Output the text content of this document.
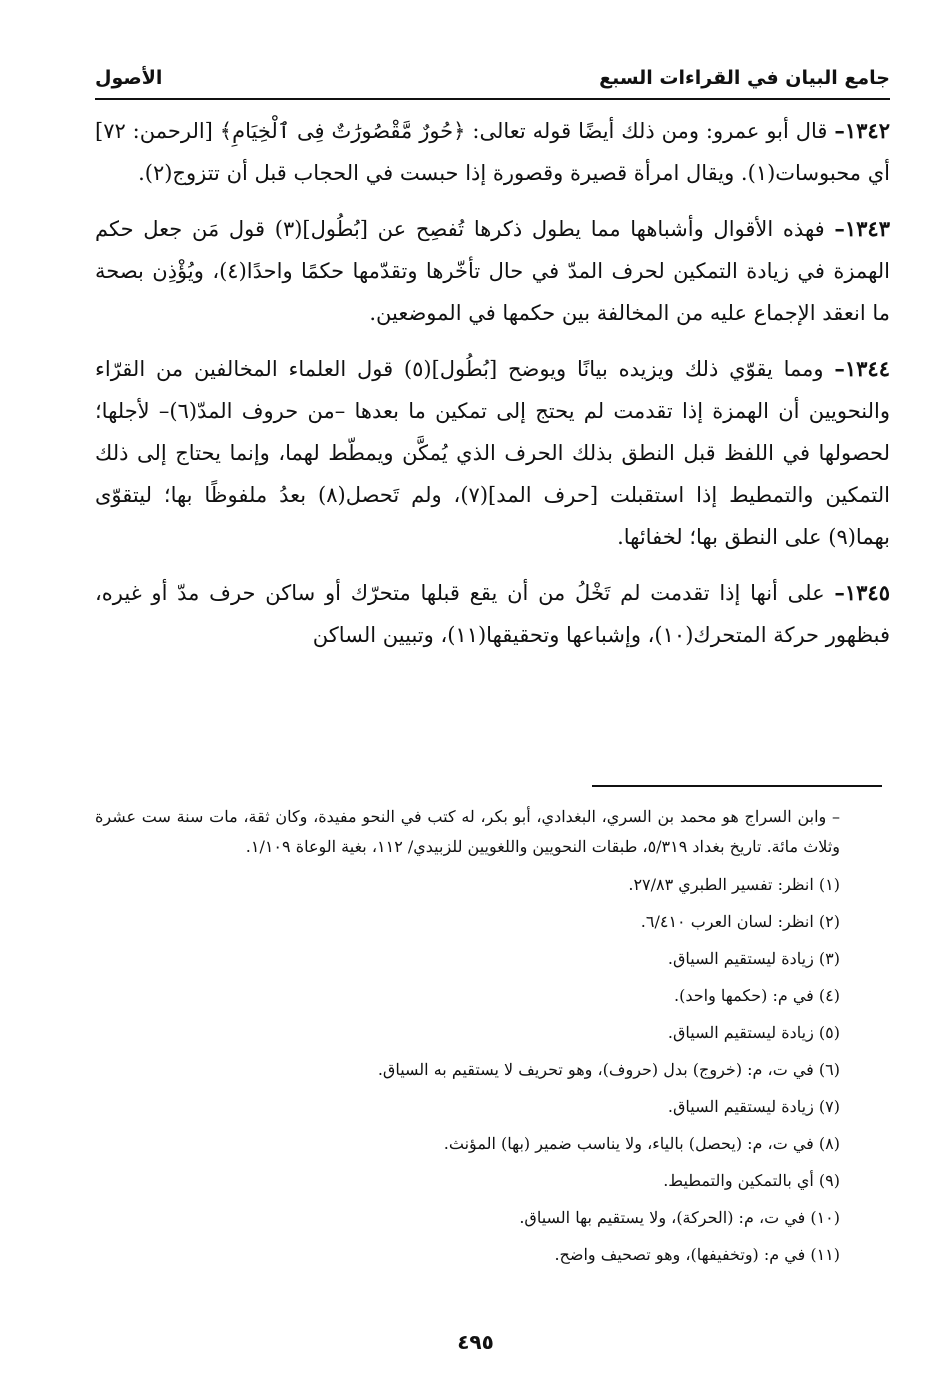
جامع البيان في القراءات السبع
الأصول

١٣٤٢– قال أبو عمرو: ومن ذلك أيضًا قوله تعالى: ﴿حُورٌ مَّقْصُورَٰتٌ فِى ٱلْخِيَامِ﴾ [الرحمن: ٧٢] أي محبوسات(١). ويقال امرأة قصيرة وقصورة إذا حبست في الحجاب قبل أن تتزوج(٢).

١٣٤٣– فهذه الأقوال وأشباهها مما يطول ذكرها تُفصِح عن [بُطُول](٣) قول مَن جعل حكم الهمزة في زيادة التمكين لحرف المدّ في حال تأخّرها وتقدّمها حكمًا واحدًا(٤)، ويُؤْذِن بصحة ما انعقد الإجماع عليه من المخالفة بين حكمها في الموضعين.

١٣٤٤– ومما يقوّي ذلك ويزيده بيانًا ويوضح [بُطُول](٥) قول العلماء المخالفين من القرّاء والنحويين أن الهمزة إذا تقدمت لم يحتج إلى تمكين ما بعدها –من حروف المدّ(٦)– لأجلها؛ لحصولها في اللفظ قبل النطق بذلك الحرف الذي يُمكَّن ويمطّط لهما، وإنما يحتاج إلى ذلك التمكين والتمطيط إذا استقبلت [حرف المد](٧)، ولم تَحصل(٨) بعدُ ملفوظًا بها؛ ليتقوّى بهما(٩) على النطق بها؛ لخفائها.

١٣٤٥– على أنها إذا تقدمت لم تَخْلُ من أن يقع قبلها متحرّك أو ساكن حرف مدّ أو غيره، فبظهور حركة المتحرك(١٠)، وإشباعها وتحقيقها(١١)، وتبيين الساكن

– وابن السراج هو محمد بن السري، البغدادي، أبو بكر، له كتب في النحو مفيدة، وكان ثقة، مات سنة ست عشرة وثلاث مائة. تاريخ بغداد ٥/٣١٩، طبقات النحويين واللغويين للزبيدي/ ١١٢، بغية الوعاة ١/١٠٩.

(١) انظر: تفسير الطبري ٢٧/٨٣.

(٢) انظر: لسان العرب ٦/٤١٠.

(٣) زيادة ليستقيم السياق.

(٤) في م: (حكمها واحد).

(٥) زيادة ليستقيم السياق.

(٦) في ت، م: (خروج) بدل (حروف)، وهو تحريف لا يستقيم به السياق.

(٧) زيادة ليستقيم السياق.

(٨) في ت، م: (يحصل) بالياء، ولا يناسب ضمير (بها) المؤنث.

(٩) أي بالتمكين والتمطيط.

(١٠) في ت، م: (الحركة)، ولا يستقيم بها السياق.

(١١) في م: (وتخفيفها)، وهو تصحيف واضح.

٤٩٥
